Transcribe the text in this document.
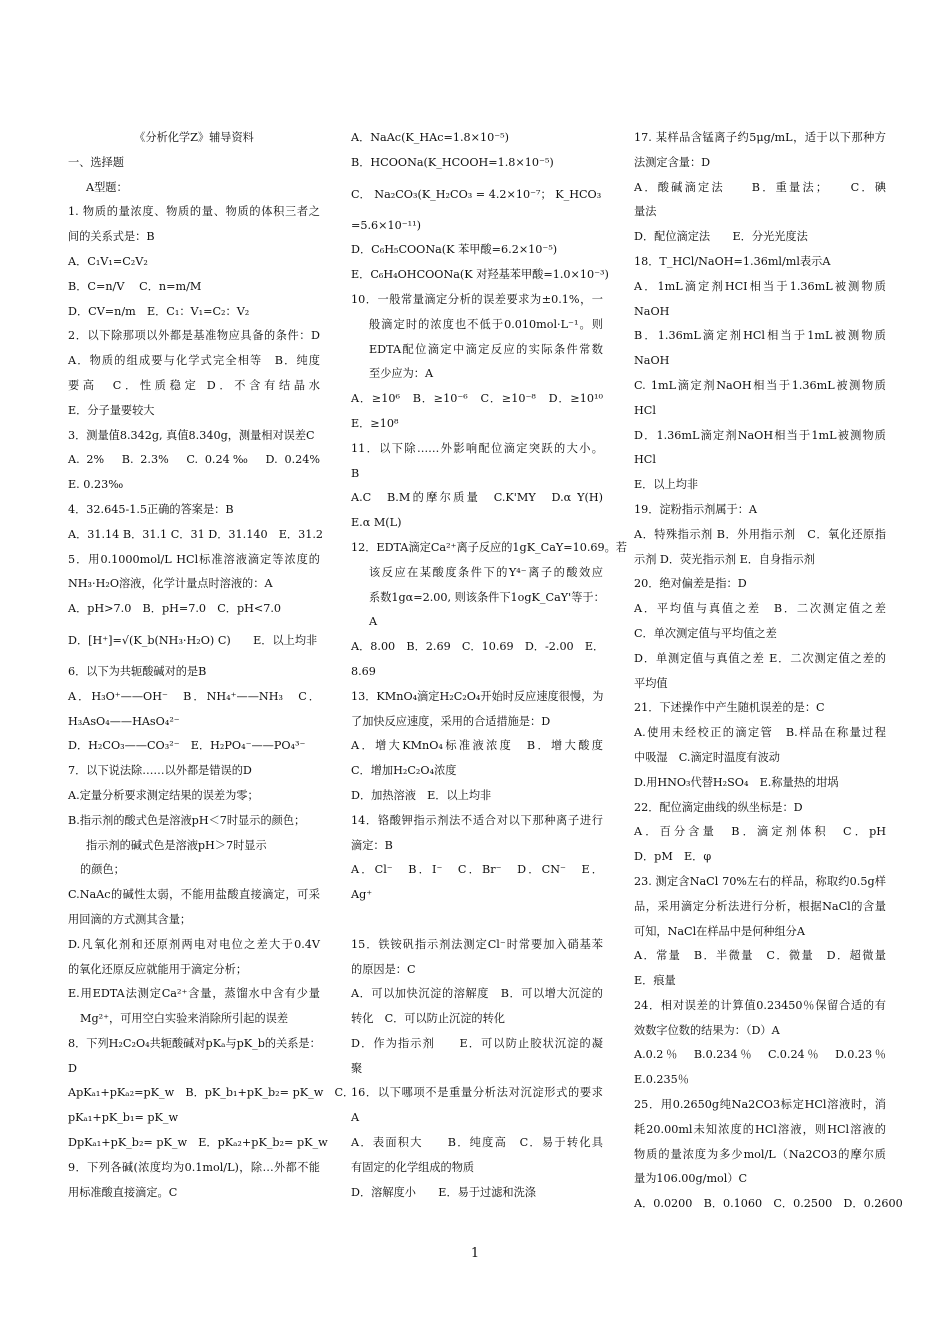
《分析化学Z》辅导资料
一、选择题
A型题：
1. 物质的量浓度、物质的量、物质的体积三者之
间的关系式是：B
A．C₁V₁=C₂V₂
B．C=n/V　 C．n=m/M
D．CV=n/m　E．C₁：V₁=C₂：V₂
2．以下除那项以外都是基准物应具备的条件：D
A．物质的组成要与化学式完全相等　B．纯度
要高　C．性质稳定 D．不含有结晶水
E．分子量要较大
3．测量值8.342g, 真值8.340g，测量相对误差C
A. 2%　B. 2.3%　C. 0.24‰　D. 0.24%
E. 0.23‰
4．32.645-1.5正确的答案是：B
A．31.14 B．31.1 C．31 D．31.140　E．31.2
5．用0.1000mol/L HCl标准溶液滴定等浓度的
NH₃·H₂O溶液，化学计量点时溶液的：A
A．pH>7.0　B．pH=7.0　C．pH<7.0
D．[H⁺]=√(K_b(NH₃·H₂O) C)　　E．以上均非
6．以下为共轭酸碱对的是B
A．H₃O⁺——OH⁻　B．NH₄⁺——NH₃　C．
H₃AsO₄——HAsO₄²⁻
D．H₂CO₃——CO₃²⁻　E．H₂PO₄⁻——PO₄³⁻
7．以下说法除……以外都是错误的D
A.定量分析要求测定结果的误差为零；
B.指示剂的酸式色是溶液pH＜7时显示的颜色；
指示剂的碱式色是溶液pH＞7时显示
的颜色；
C.NaAc的碱性太弱，不能用盐酸直接滴定，可采
用回滴的方式测其含量；
D.凡氧化剂和还原剂两电对电位之差大于0.4V
的氧化还原反应就能用于滴定分析；
E.用EDTA法测定Ca²⁺含量，蒸馏水中含有少量
Mg²⁺，可用空白实验来消除所引起的误差
8．下列H₂C₂O₄共轭酸碱对pKₐ与pK_b的关系是：
D
ApKₐ₁+pKₐ₂=pK_w　B．pK_b₁+pK_b₂= pK_w　C．
pKₐ₁+pK_b₁= pK_w
DpKₐ₁+pK_b₂= pK_w　E．pKₐ₂+pK_b₂= pK_w
9．下列各碱(浓度均为0.1mol/L)，除…外都不能
用标准酸直接滴定。C
A．NaAc(K_HAc=1.8×10⁻⁵)
B．HCOONa(K_HCOOH=1.8×10⁻⁵)
C． Na₂CO₃(K_H₂CO₃ = 4.2×10⁻⁷； K_HCO₃
=5.6×10⁻¹¹)
D．C₆H₅COONa(K 苯甲酸=6.2×10⁻⁵)
E．C₆H₄OHCOONa(K 对羟基苯甲酸=1.0×10⁻³)
10．一般常量滴定分析的误差要求为±0.1%，一
般滴定时的浓度也不低于0.010mol·L⁻¹。则
EDTA配位滴定中滴定反应的实际条件常数
至少应为：A
A．≥10⁶　B．≥10⁻⁶　C．≥10⁻⁸　D．≥10¹⁰
E．≥10⁸
11．以下除……外影响配位滴定突跃的大小。
B
A.C　B.M的摩尔质量　C.K'MY　D.α Y(H)
E.α M(L)
12．EDTA滴定Ca²⁺离子反应的1gK_CaY=10.69。若
该反应在某酸度条件下的Y⁴⁻离子的酸效应
系数1gα=2.00, 则该条件下1ogK_CaY'等于：
A
A．8.00　B．2.69　C．10.69　D．-2.00　E．
8.69
13．KMnO₄滴定H₂C₂O₄开始时反应速度很慢，为
了加快反应速度，采用的合适措施是：D
A．增大KMnO₄标准液浓度　B．增大酸度
C．增加H₂C₂O₄浓度
D．加热溶液　E．以上均非
14．铬酸钾指示剂法不适合对以下那种离子进行
滴定：B
A．Cl⁻　B．I⁻　C．Br⁻　D．CN⁻　E．
Ag⁺

15．铁铵矾指示剂法测定Cl⁻时常要加入硝基苯
的原因是：C
A．可以加快沉淀的溶解度　B．可以增大沉淀的
转化　C．可以防止沉淀的转化
D．作为指示剂　　E．可以防止胶状沉淀的凝
聚
16．以下哪项不是重量分析法对沉淀形式的要求
A
A．表面积大　　B．纯度高　C．易于转化具
有固定的化学组成的物质
D．溶解度小　　E．易于过滤和洗涤
17. 某样品含锰离子约5μg/mL，适于以下那种方
法测定含量：D
A．酸碱滴定法　　B．重量法；　　C．碘
量法
D．配位滴定法　　E．分光光度法
18．T_HCl/NaOH=1.36ml/ml表示A
A．1mL滴定剂HCI相当于1.36mL被测物质
NaOH
B．1.36mL滴定剂HCl相当于1mL被测物质
NaOH
C. 1mL滴定剂NaOH相当于1.36mL被测物质
HCl
D．1.36mL滴定剂NaOH相当于1mL被测物质
HCl
E．以上均非
19．淀粉指示剂属于：A
A．特殊指示剂 B．外用指示剂　C．氧化还原指
示剂 D．荧光指示剂 E．自身指示剂
20．绝对偏差是指：D
A．平均值与真值之差　B．二次测定值之差
C．单次测定值与平均值之差
D．单测定值与真值之差 E．二次测定值之差的
平均值
21．下述操作中产生随机误差的是：C
A.使用未经校正的滴定管　B.样品在称量过程
中吸湿　C.滴定时温度有波动
D.用HNO₃代替H₂SO₄　E.称量热的坩埚
22．配位滴定曲线的纵坐标是：D
A．百分含量　B．滴定剂体积　C．pH
D．pM　E．φ
23. 测定含NaCl 70%左右的样品，称取约0.5g样
品，采用滴定分析法进行分析，根据NaCl的含量
可知，NaCl在样品中是何种组分A
A．常量　B．半微量　C．微量　D．超微量
E．痕量
24．相对误差的计算值0.23450％保留合适的有
效数字位数的结果为：（D）A
A.0.2％　B.0.234％　C.0.24％　D.0.23％
E.0.235％
25．用0.2650g纯Na2CO3标定HCl溶液时，消
耗20.00ml未知浓度的HCl溶液，则HCl溶液的
物质的量浓度为多少mol/L（Na2CO3的摩尔质
量为106.00g/mol）C
A．0.0200　B．0.1060　C．0.2500　D．0.2600
1
